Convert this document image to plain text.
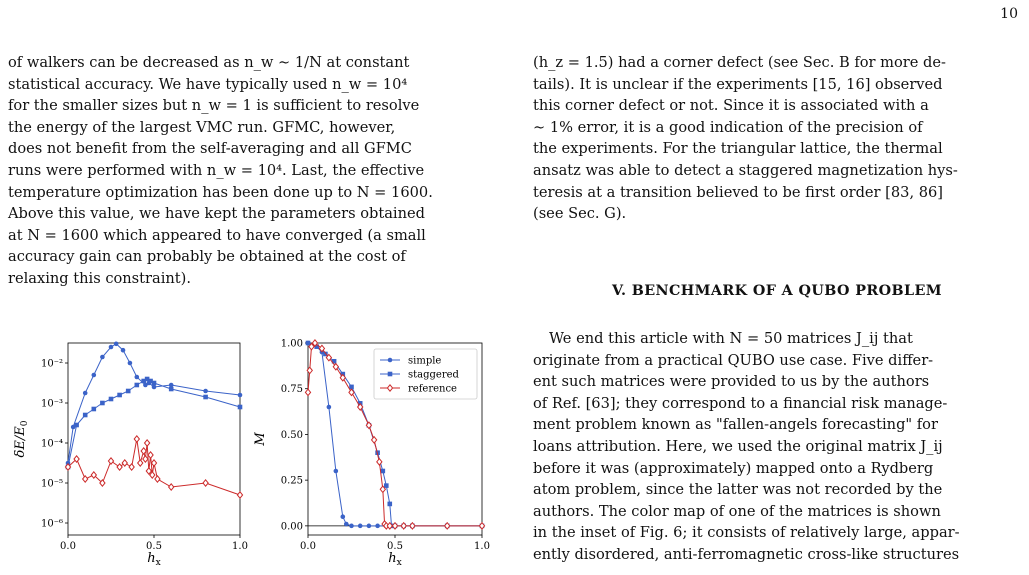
10
of walkers can be decreased as n_w ∼ 1/N at constant
statistical accuracy. We have typically used n_w = 10⁴
for the smaller sizes but n_w = 1 is sufficient to resolve
the energy of the largest VMC run. GFMC, however,
does not benefit from the self-averaging and all GFMC
runs were performed with n_w = 10⁴. Last, the effective
temperature optimization has been done up to N = 1600.
Above this value, we have kept the parameters obtained
at N = 1600 which appeared to have converged (a small
accuracy gain can probably be obtained at the cost of
relaxing this constraint).
(h_z = 1.5) had a corner defect (see Sec. B for more de-
tails). It is unclear if the experiments [15, 16] observed
this corner defect or not. Since it is associated with a
∼ 1% error, it is a good indication of the precision of
the experiments. For the triangular lattice, the thermal
ansatz was able to detect a staggered magnetization hys-
teresis at a transition believed to be first order [83, 86]
(see Sec. G).
V. BENCHMARK OF A QUBO PROBLEM
We end this article with N = 50 matrices J_ij that
originate from a practical QUBO use case. Five differ-
ent such matrices were provided to us by the authors
of Ref. [63]; they correspond to a financial risk manage-
ment problem known as "fallen-angels forecasting" for
loans attribution. Here, we used the original matrix J_ij
before it was (approximately) mapped onto a Rydberg
atom problem, since the latter was not recorded by the
authors. The color map of one of the matrices is shown
in the inset of Fig. 6; it consists of relatively large, appar-
ently disordered, anti-ferromagnetic cross-like structures
0.0	0.5	1.0
10⁻²
10⁻³
10⁻⁴
10⁻⁵
10⁻⁶
$h_x$
$\delta E/E_0$
0.0	0.5	1.0
0.00
0.25
0.50
0.75
1.00
$h_x$
M
simple
staggered
reference
